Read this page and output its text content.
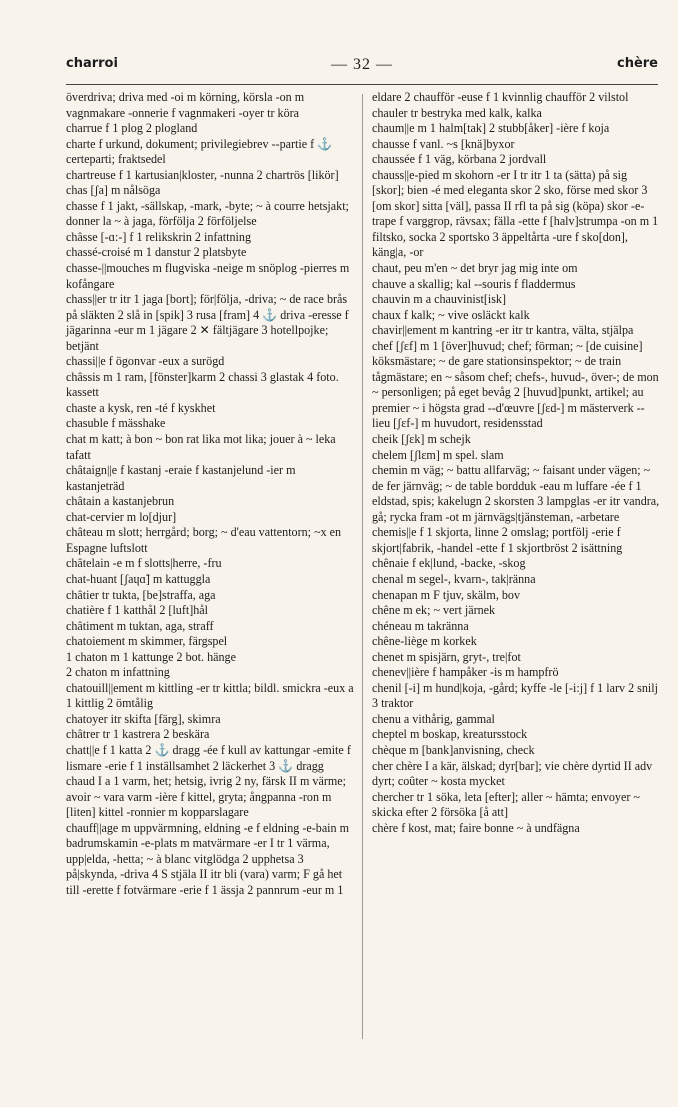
charroi	— 32 —	chère

överdriva; driva med -oi m körning, körsla -on m vagnmakare -onnerie f vagnmakeri -oyer tr köra

charrue f 1 plog 2 plogland

charte f urkund, dokument; privilegiebrev --partie f ⚓ certeparti; fraktsedel

chartreuse f 1 kartusian|kloster, -nunna 2 chartrös [likör]

chas [ʃa] m nålsöga

chasse f 1 jakt, -sällskap, -mark, -byte; ~ à courre hetsjakt; donner la ~ à jaga, förfölja 2 förföljelse

châsse [-ɑ:-] f 1 relikskrin 2 infattning

chassé-croisé m 1 danstur 2 platsbyte

chasse-||mouches m flugviska -neige m snöplog -pierres m kofångare

chass||er tr itr 1 jaga [bort]; för|följa, -driva; ~ de race brås på släkten 2 slå in [spik] 3 rusa [fram] 4 ⚓ driva -eresse f jägarinna -eur m 1 jägare 2 ✕ fältjägare 3 hotellpojke; betjänt

chassi||e f ögonvar -eux a surögd

châssis m 1 ram, [fönster]karm 2 chassi 3 glastak 4 foto. kassett

chaste a kysk, ren -té f kyskhet

chasuble f mässhake

chat m katt; à bon ~ bon rat lika mot lika; jouer à ~ leka tafatt

châtaign||e f kastanj -eraie f kastanjelund -ier m kastanjeträd

châtain a kastanjebrun

chat-cervier m lo[djur]

château m slott; herrgård; borg; ~ d'eau vattentorn; ~x en Espagne luftslott

châtelain -e m f slotts|herre, -fru

chat-huant [ʃaɥɑ̃] m kattuggla

châtier tr tukta, [be]straffa, aga

chatière f 1 katthål 2 [luft]hål

châtiment m tuktan, aga, straff

chatoiement m skimmer, färgspel

1 chaton m 1 kattunge 2 bot. hänge

2 chaton m infattning

chatouill||ement m kittling -er tr kittla; bildl. smickra -eux a 1 kittlig 2 ömtålig

chatoyer itr skifta [färg], skimra

châtrer tr 1 kastrera 2 beskära

chatt||e f 1 katta 2 ⚓ dragg -ée f kull av kattungar -emite f lismare -erie f 1 inställsamhet 2 läckerhet 3 ⚓ dragg

chaud I a 1 varm, het; hetsig, ivrig 2 ny, färsk II m värme; avoir ~ vara varm -ière f kittel, gryta; ångpanna -ron m [liten] kittel -ronnier m kopparslagare

chauff||age m uppvärmning, eldning -e f eldning -e-bain m badrumskamin -e-plats m matvärmare -er I tr 1 värma, upp|elda, -hetta; ~ à blanc vitglödga 2 upphetsa 3 på|skynda, -driva 4 S stjäla II itr bli (vara) varm; F gå het till -erette f fotvärmare -erie f 1 ässja 2 pannrum -eur m 1

eldare 2 chaufför -euse f 1 kvinnlig chaufför 2 vilstol

chauler tr bestryka med kalk, kalka

chaum||e m 1 halm[tak] 2 stubb[åker] -ière f koja

chausse f vanl. ~s [knä]byxor

chaussée f 1 väg, körbana 2 jordvall

chauss||e-pied m skohorn -er I tr itr 1 ta (sätta) på sig [skor]; bien -é med eleganta skor 2 sko, förse med skor 3 [om skor] sitta [väl], passa II rfl ta på sig (köpa) skor -e-trape f varggrop, rävsax; fälla -ette f [halv]strumpa -on m 1 filtsko, socka 2 sportsko 3 äppeltårta -ure f sko[don], käng|a, -or

chaut, peu m'en ~ det bryr jag mig inte om

chauve a skallig; kal --souris f fladdermus

chauvin m a chauvinist[isk]

chaux f kalk; ~ vive osläckt kalk

chavir||ement m kantring -er itr tr kantra, välta, stjälpa

chef [ʃɛf] m 1 [över]huvud; chef; förman; ~ [de cuisine] köksmästare; ~ de gare stationsinspektor; ~ de train tågmästare; en ~ såsom chef; chefs-, huvud-, över-; de mon ~ personligen; på eget bevåg 2 [huvud]punkt, artikel; au premier ~ i högsta grad --d'œuvre [ʃɛd-] m mästerverk --lieu [ʃɛf-] m huvudort, residensstad

cheik [ʃɛk] m schejk

chelem [ʃlɛm] m spel. slam

chemin m väg; ~ battu allfarväg; ~ faisant under vägen; ~ de fer järnväg; ~ de table bordduk -eau m luffare -ée f 1 eldstad, spis; kakelugn 2 skorsten 3 lampglas -er itr vandra, gå; rycka fram -ot m järnvägs|tjänsteman, -arbetare

chemis||e f 1 skjorta, linne 2 omslag; portfölj -erie f skjort|fabrik, -handel -ette f 1 skjortbröst 2 isättning

chênaie f ek|lund, -backe, -skog

chenal m segel-, kvarn-, tak|ränna

chenapan m F tjuv, skälm, bov

chêne m ek; ~ vert järnek

chéneau m takränna

chêne-liège m korkek

chenet m spisjärn, gryt-, tre|fot

chenev||ière f hampåker -is m hampfrö

chenil [-i] m hund|koja, -gård; kyffe -le [-i:j] f 1 larv 2 snilj 3 traktor

chenu a vithårig, gammal

cheptel m boskap, kreatursstock

chèque m [bank]anvisning, check

cher chère I a kär, älskad; dyr[bar]; vie chère dyrtid II adv dyrt; coûter ~ kosta mycket

chercher tr 1 söka, leta [efter]; aller ~ hämta; envoyer ~ skicka efter 2 försöka [å att]

chère f kost, mat; faire bonne ~ à undfägna
